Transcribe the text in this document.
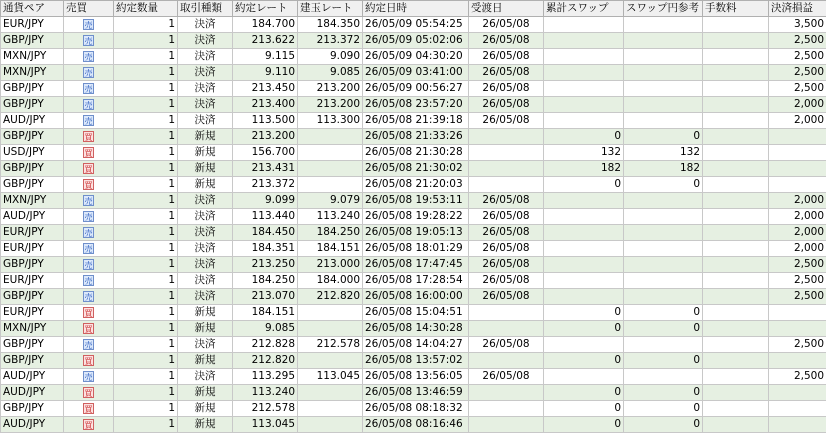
通貨ペア	売買	約定数量	取引種類	約定レート	建玉レート	約定日時	受渡日	累計スワップ	スワップ円参考	手数料	決済損益
EUR/JPY	売	1	決済	184.700	184.350	26/05/09 05:54:25	26/05/08				3,500
GBP/JPY	売	1	決済	213.622	213.372	26/05/09 05:02:06	26/05/08				2,500
MXN/JPY	売	1	決済	9.115	9.090	26/05/09 04:30:20	26/05/08				2,500
MXN/JPY	売	1	決済	9.110	9.085	26/05/09 03:41:00	26/05/08				2,500
GBP/JPY	売	1	決済	213.450	213.200	26/05/09 00:56:27	26/05/08				2,500
GBP/JPY	売	1	決済	213.400	213.200	26/05/08 23:57:20	26/05/08				2,000
AUD/JPY	売	1	決済	113.500	113.300	26/05/08 21:39:18	26/05/08				2,000
GBP/JPY	買	1	新規	213.200		26/05/08 21:33:26		0	0		
USD/JPY	買	1	新規	156.700		26/05/08 21:30:28		132	132		
GBP/JPY	買	1	新規	213.431		26/05/08 21:30:02		182	182		
GBP/JPY	買	1	新規	213.372		26/05/08 21:20:03		0	0		
MXN/JPY	売	1	決済	9.099	9.079	26/05/08 19:53:11	26/05/08				2,000
AUD/JPY	売	1	決済	113.440	113.240	26/05/08 19:28:22	26/05/08				2,000
EUR/JPY	売	1	決済	184.450	184.250	26/05/08 19:05:13	26/05/08				2,000
EUR/JPY	売	1	決済	184.351	184.151	26/05/08 18:01:29	26/05/08				2,000
GBP/JPY	売	1	決済	213.250	213.000	26/05/08 17:47:45	26/05/08				2,500
EUR/JPY	売	1	決済	184.250	184.000	26/05/08 17:28:54	26/05/08				2,500
GBP/JPY	売	1	決済	213.070	212.820	26/05/08 16:00:00	26/05/08				2,500
EUR/JPY	買	1	新規	184.151		26/05/08 15:04:51		0	0		
MXN/JPY	買	1	新規	9.085		26/05/08 14:30:28		0	0		
GBP/JPY	売	1	決済	212.828	212.578	26/05/08 14:04:27	26/05/08				2,500
GBP/JPY	買	1	新規	212.820		26/05/08 13:57:02		0	0		
AUD/JPY	売	1	決済	113.295	113.045	26/05/08 13:56:05	26/05/08				2,500
AUD/JPY	買	1	新規	113.240		26/05/08 13:46:59		0	0		
GBP/JPY	買	1	新規	212.578		26/05/08 08:18:32		0	0		
AUD/JPY	買	1	新規	113.045		26/05/08 08:16:46		0	0		
